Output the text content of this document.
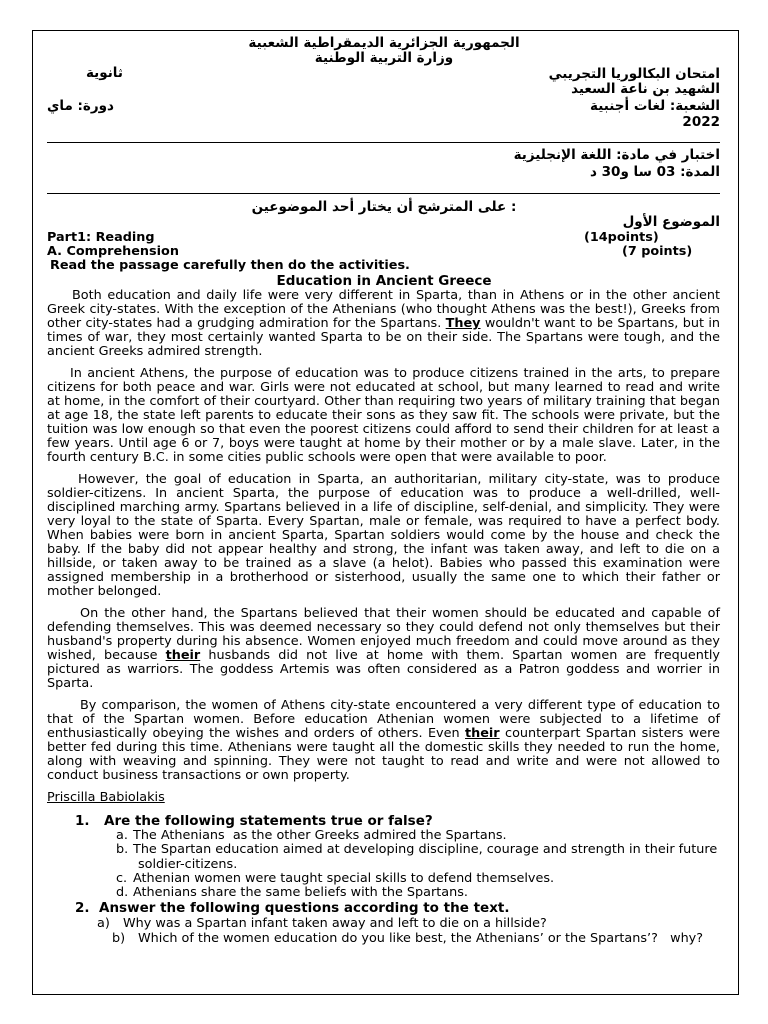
الجمهورية الجزائرية الديمقراطية الشعبية
وزارة التربية الوطنية
امتحان البكالوريا التجريبي
ثانوية
الشهيد بن ناعة السعيد
الشعبة: لغات أجنبية
دورة: ماي
2022
اختبار في مادة: اللغة الإنجليزية
المدة: 03 سا و30 د
: على المترشح أن يختار أحد الموضوعين
الموضوع الأول
Part1: Reading	(14points)
A. Comprehension	(7 points)
Read the passage carefully then do the activities.
Education in Ancient Greece

Both education and daily life were very different in Sparta, than in Athens or in the other ancient Greek city-states. With the exception of the Athenians (who thought Athens was the best!), Greeks from other city-states had a grudging admiration for the Spartans. They wouldn't want to be Spartans, but in times of war, they most certainly wanted Sparta to be on their side. The Spartans were tough, and the ancient Greeks admired strength.

In ancient Athens, the purpose of education was to produce citizens trained in the arts, to prepare citizens for both peace and war. Girls were not educated at school, but many learned to read and write at home, in the comfort of their courtyard. Other than requiring two years of military training that began at age 18, the state left parents to educate their sons as they saw fit. The schools were private, but the tuition was low enough so that even the poorest citizens could afford to send their children for at least a few years. Until age 6 or 7, boys were taught at home by their mother or by a male slave. Later, in the fourth century B.C. in some cities public schools were open that were available to poor.

However, the goal of education in Sparta, an authoritarian, military city-state, was to produce soldier-citizens. In ancient Sparta, the purpose of education was to produce a well-drilled, well-disciplined marching army. Spartans believed in a life of discipline, self-denial, and simplicity. They were very loyal to the state of Sparta. Every Spartan, male or female, was required to have a perfect body. When babies were born in ancient Sparta, Spartan soldiers would come by the house and check the baby. If the baby did not appear healthy and strong, the infant was taken away, and left to die on a hillside, or taken away to be trained as a slave (a helot). Babies who passed this examination were assigned membership in a brotherhood or sisterhood, usually the same one to which their father or mother belonged.

On the other hand, the Spartans believed that their women should be educated and capable of defending themselves. This was deemed necessary so they could defend not only themselves but their husband's property during his absence. Women enjoyed much freedom and could move around as they wished, because their husbands did not live at home with them. Spartan women are frequently pictured as warriors. The goddess Artemis was often considered as a Patron goddess and worrier in Sparta.

By comparison, the women of Athens city-state encountered a very different type of education to that of the Spartan women. Before education Athenian women were subjected to a lifetime of enthusiastically obeying the wishes and orders of others. Even their counterpart Spartan sisters were better fed during this time. Athenians were taught all the domestic skills they needed to run the home, along with weaving and spinning. They were not taught to read and write and were not allowed to conduct business transactions or own property.

Priscilla Babiolakis

1. Are the following statements true or false?
a. The Athenians  as the other Greeks admired the Spartans.
b. The Spartan education aimed at developing discipline, courage and strength in their future soldier-citizens.
c. Athenian women were taught special skills to defend themselves.
d. Athenians share the same beliefs with the Spartans.
2. Answer the following questions according to the text.
a) Why was a Spartan infant taken away and left to die on a hillside?
b) Which of the women education do you like best, the Athenians’ or the Spartans’?   why?
